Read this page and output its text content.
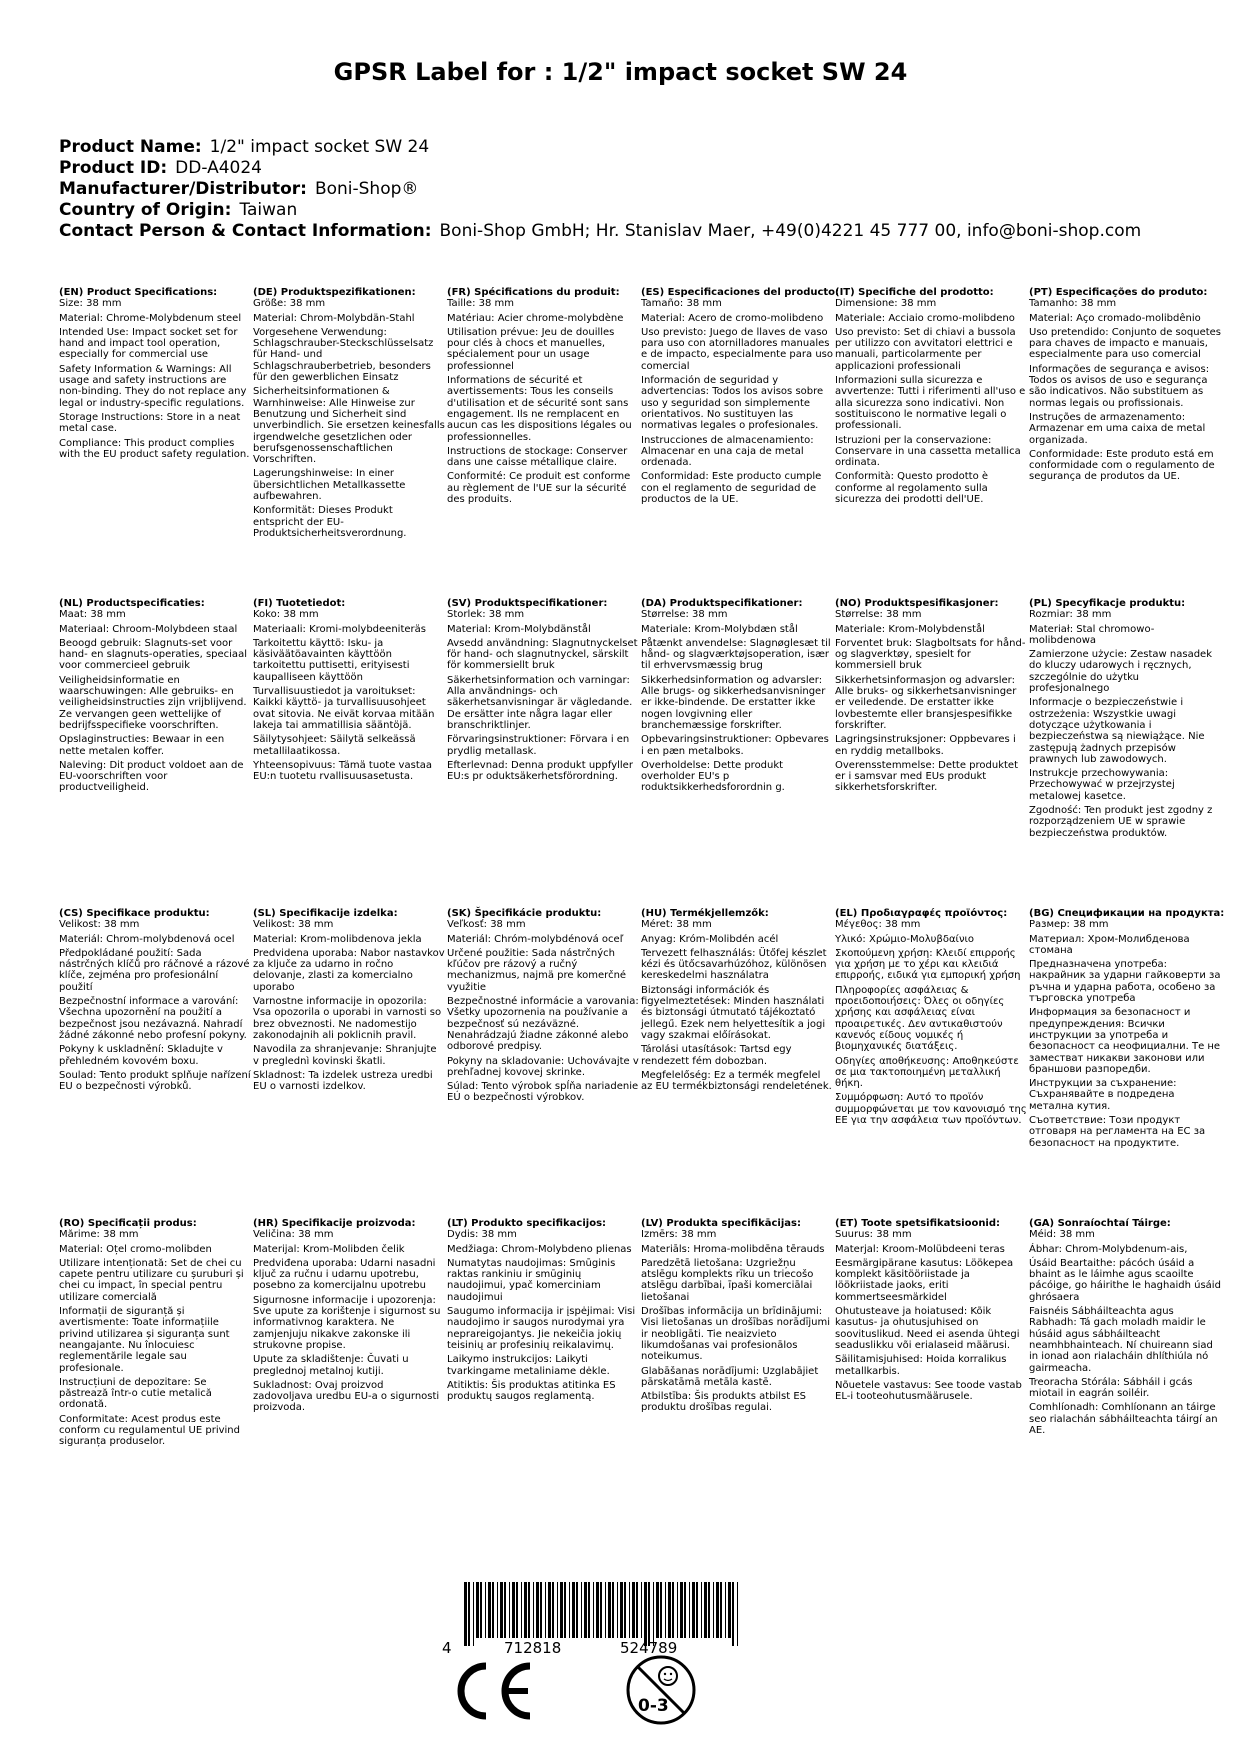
GPSR Label for : 1/2" impact socket SW 24
Product Name: 1/2" impact socket SW 24
Product ID: DD-A4024
Manufacturer/Distributor: Boni-Shop®
Country of Origin: Taiwan
Contact Person & Contact Information: Boni-Shop GmbH; Hr. Stanislav Maer, +49(0)4221 45 777 00, info@boni-shop.com
(EN) Product Specifications:
Size: 38 mm
Material: Chrome-Molybdenum steel
Intended Use: Impact socket set for hand and impact tool operation, especially for commercial use
Safety Information & Warnings: All usage and safety instructions are non-binding. They do not replace any legal or industry-specific regulations.
Storage Instructions: Store in a neat metal case.
Compliance: This product complies with the EU product safety regulation.
(DE) Produktspezifikationen:
Größe: 38 mm
Material: Chrom-Molybdän-Stahl
Vorgesehene Verwendung: Schlagschrauber-Steckschlüsselsatz für Hand- und Schlagschrauberbetrieb, besonders für den gewerblichen Einsatz
Sicherheitsinformationen & Warnhinweise: Alle Hinweise zur Benutzung und Sicherheit sind unverbindlich. Sie ersetzen keinesfalls irgendwelche gesetzlichen oder berufsgenossenschaftlichen Vorschriften.
Lagerungshinweise: In einer übersichtlichen Metallkassette aufbewahren.
Konformität: Dieses Produkt entspricht der EU-Produktsicherheitsverordnung.
(FR) Spécifications du produit:
Taille: 38 mm
Matériau: Acier chrome-molybdène
Utilisation prévue: Jeu de douilles pour clés à chocs et manuelles, spécialement pour un usage professionnel
Informations de sécurité et avertissements: Tous les conseils d'utilisation et de sécurité sont sans engagement. Ils ne remplacent en aucun cas les dispositions légales ou professionnelles.
Instructions de stockage: Conserver dans une caisse métallique claire.
Conformité: Ce produit est conforme au règlement de l'UE sur la sécurité des produits.
(ES) Especificaciones del producto:
Tamaño: 38 mm
Material: Acero de cromo-molibdeno
Uso previsto: Juego de llaves de vaso para uso con atornilladores manuales e de impacto, especialmente para uso comercial
Información de seguridad y advertencias: Todos los avisos sobre uso y seguridad son simplemente orientativos. No sustituyen las normativas legales o profesionales.
Instrucciones de almacenamiento: Almacenar en una caja de metal ordenada.
Conformidad: Este producto cumple con el reglamento de seguridad de productos de la UE.
(IT) Specifiche del prodotto:
Dimensione: 38 mm
Materiale: Acciaio cromo-molibdeno
Uso previsto: Set di chiavi a bussola per utilizzo con avvitatori elettrici e manuali, particolarmente per applicazioni professionali
Informazioni sulla sicurezza e avvertenze: Tutti i riferimenti all'uso e alla sicurezza sono indicativi. Non sostituiscono le normative legali o professionali.
Istruzioni per la conservazione: Conservare in una cassetta metallica ordinata.
Conformità: Questo prodotto è conforme al regolamento sulla sicurezza dei prodotti dell'UE.
(PT) Especificações do produto:
Tamanho: 38 mm
Material: Aço cromado-molibdênio
Uso pretendido: Conjunto de soquetes para chaves de impacto e manuais, especialmente para uso comercial
Informações de segurança e avisos: Todos os avisos de uso e segurança são indicativos. Não substituem as normas legais ou profissionais.
Instruções de armazenamento: Armazenar em uma caixa de metal organizada.
Conformidade: Este produto está em conformidade com o regulamento de segurança de produtos da UE.
(NL) Productspecificaties:
Maat: 38 mm
Materiaal: Chroom-Molybdeen staal
Beoogd gebruik: Slagnuts-set voor hand- en slagnuts-operaties, speciaal voor commercieel gebruik
Veiligheidsinformatie en waarschuwingen: Alle gebruiks- en veiligheidsinstructies zijn vrijblijvend. Ze vervangen geen wettelijke of bedrijfsspecifieke voorschriften.
Opslaginstructies: Bewaar in een nette metalen koffer.
Naleving: Dit product voldoet aan de EU-voorschriften voor productveiligheid.
(FI) Tuotetiedot:
Koko: 38 mm
Materiaali: Kromi-molybdeeniteräs
Tarkoitettu käyttö: Isku- ja käsiväätöavainten käyttöön tarkoitettu puttisetti, erityisesti kaupalliseen käyttöön
Turvallisuustiedot ja varoitukset: Kaikki käyttö- ja turvallisuusohjeet ovat sitovia. Ne eivät korvaa mitään lakeja tai ammatillisia sääntöjä.
Säilytysohjeet: Säilytä selkeässä metallilaatikossa.
Yhteensopivuus: Tämä tuote vastaa EU:n tuotetu rvallisuusasetusta.
(SV) Produktspecifikationer:
Storlek: 38 mm
Material: Krom-Molybdänstål
Avsedd användning: Slagnutnyckelset för hand- och slagnutnyckel, särskilt för kommersiellt bruk
Säkerhetsinformation och varningar: Alla användnings- och säkerhetsanvisningar är vägledande. De ersätter inte några lagar eller branschriktlinjer.
Förvaringsinstruktioner: Förvara i en prydlig metallask.
Efterlevnad: Denna produkt uppfyller EU:s pr oduktsäkerhetsförordning.
(DA) Produktspecifikationer:
Størrelse: 38 mm
Materiale: Krom-Molybdæn stål
Påtænkt anvendelse: Slagnøglesæt til hånd- og slagværktøjsoperation, især til erhvervsmæssig brug
Sikkerhedsinformation og advarsler: Alle brugs- og sikkerhedsanvisninger er ikke-bindende. De erstatter ikke nogen lovgivning eller branchemæssige forskrifter.
Opbevaringsinstruktioner: Opbevares i en pæn metalboks.
Overholdelse: Dette produkt overholder EU's p roduktsikkerhedsforordnin g.
(NO) Produktspesifikasjoner:
Størrelse: 38 mm
Materiale: Krom-Molybdenstål
Forventet bruk: Slagboltsats for hånd- og slagverktøy, spesielt for kommersiell bruk
Sikkerhetsinformasjon og advarsler: Alle bruks- og sikkerhetsanvisninger er veiledende. De erstatter ikke lovbestemte eller bransjespesifikke forskrifter.
Lagringsinstruksjoner: Oppbevares i en ryddig metallboks.
Overensstemmelse: Dette produktet er i samsvar med EUs produkt sikkerhetsforskrifter.
(PL) Specyfikacje produktu:
Rozmiar: 38 mm
Materiał: Stal chromowo-molibdenowa
Zamierzone użycie: Zestaw nasadek do kluczy udarowych i ręcznych, szczególnie do użytku profesjonalnego
Informacje o bezpieczeństwie i ostrzeżenia: Wszystkie uwagi dotyczące użytkowania i bezpieczeństwa są niewiążące. Nie zastępują żadnych przepisów prawnych lub zawodowych.
Instrukcje przechowywania: Przechowywać w przejrzystej metalowej kasetce.
Zgodność: Ten produkt jest zgodny z rozporządzeniem UE w sprawie bezpieczeństwa produktów.
(CS) Specifikace produktu:
Velikost: 38 mm
Materiál: Chrom-molybdenová ocel
Předpokládané použití: Sada nástrčných klíčů pro ráčnové a rázové klíče, zejména pro profesionální použití
Bezpečnostní informace a varování: Všechna upozornění na použití a bezpečnost jsou nezávazná. Nahradí žádné zákonné nebo profesní pokyny.
Pokyny k uskladnění: Skladujte v přehledném kovovém boxu.
Soulad: Tento produkt splňuje nařízení EU o bezpečnosti výrobků.
(SL) Specifikacije izdelka:
Velikost: 38 mm
Material: Krom-molibdenova jekla
Predvidena uporaba: Nabor nastavkov za ključe za udarno in ročno delovanje, zlasti za komercialno uporabo
Varnostne informacije in opozorila: Vsa opozorila o uporabi in varnosti so brez obveznosti. Ne nadomestijo zakonodajnih ali poklicnih pravil.
Navodila za shranjevanje: Shranjujte v preglednì kovinski škatli.
Skladnost: Ta izdelek ustreza uredbi EU o varnosti izdelkov.
(SK) Špecifikácie produktu:
Veľkosť: 38 mm
Materiál: Chróm-molybdénová oceľ
Určené použitie: Sada nástrčných kľúčov pre rázový a ručný mechanizmus, najmä pre komerčné využitie
Bezpečnostné informácie a varovania: Všetky upozornenia na používanie a bezpečnosť sú nezáväzné. Nenahrádzajú žiadne zákonné alebo odborové predpisy.
Pokyny na skladovanie: Uchovávajte v prehľadnej kovovej skrinke.
Súlad: Tento výrobok spĺňa nariadenie EÚ o bezpečnosti výrobkov.
(HU) Termékjellemzők:
Méret: 38 mm
Anyag: Króm-Molibdén acél
Tervezett felhasználás: Ütőfej készlet kézi és ütőcsavarhúzóhoz, különösen kereskedelmi használatra
Biztonsági információk és figyelmeztetések: Minden használati és biztonsági útmutató tájékoztató jellegű. Ezek nem helyettesítik a jogi vagy szakmai előírásokat.
Tárolási utasítások: Tartsd egy rendezett fém dobozban.
Megfelelőség: Ez a termék megfelel az EU termékbiztonsági rendeletének.
(EL) Προδιαγραφές προϊόντος:
Μέγεθος: 38 mm
Υλικό: Χρώμιο-Μολυβδαίνιο
Σκοπούμενη χρήση: Κλειδί επιρροής για χρήση με το χέρι και κλειδιά επιρροής, ειδικά για εμπορική χρήση
Πληροφορίες ασφάλειας & προειδοποιήσεις: Όλες οι οδηγίες χρήσης και ασφάλειας είναι προαιρετικές. Δεν αντικαθιστούν κανενός είδους νομικές ή βιομηχανικές διατάξεις.
Οδηγίες αποθήκευσης: Αποθηκεύστε σε μια τακτοποιημένη μεταλλική θήκη.
Συμμόρφωση: Αυτό το προϊόν συμμορφώνεται με τον κανονισμό της ΕΕ για την ασφάλεια των προϊόντων.
(BG) Спецификации на продукта:
Размер: 38 mm
Материал: Хром-Молибденова стомана
Предназначена употреба: накрайник за ударни гайковерти за ръчна и ударна работа, особено за търговска употреба
Информация за безопасност и предупреждения: Всички инструкции за употреба и безопасност са неофициални. Те не заместват никакви законови или браншови разпоредби.
Инструкции за съхранение: Съхранявайте в подредена метална кутия.
Съответствие: Този продукт отговаря на регламента на ЕС за безопасност на продуктите.
(RO) Specificații produs:
Mărime: 38 mm
Material: Oțel cromo-molibden
Utilizare intenționată: Set de chei cu capete pentru utilizare cu șuruburi și chei cu impact, în special pentru utilizare comercială
Informații de siguranță și avertismente: Toate informațiile privind utilizarea și siguranța sunt neangajante. Nu înlocuiesc reglementările legale sau profesionale.
Instrucțiuni de depozitare: Se păstrează într-o cutie metalică ordonată.
Conformitate: Acest produs este conform cu regulamentul UE privind siguranța produselor.
(HR) Specifikacije proizvoda:
Veličina: 38 mm
Materijal: Krom-Molibden čelik
Predviđena uporaba: Udarni nasadni ključ za ručnu i udarnu upotrebu, posebno za komercijalnu upotrebu
Sigurnosne informacije i upozorenja: Sve upute za korištenje i sigurnost su informativnog karaktera. Ne zamjenjuju nikakve zakonske ili strukovne propise.
Upute za skladištenje: Čuvati u preglednoj metalnoj kutiji.
Sukladnost: Ovaj proizvod zadovoljava uredbu EU-a o sigurnosti proizvoda.
(LT) Produkto specifikacijos:
Dydis: 38 mm
Medžiaga: Chrom-Molybdeno plienas
Numatytas naudojimas: Smūginis raktas rankiniu ir smūginių naudojimui, ypač komerciniam naudojimui
Saugumo informacija ir įspėjimai: Visi naudojimo ir saugos nurodymai yra neprareigojantys. Jie nekeičia jokių teisinių ar profesinių reikalavimų.
Laikymo instrukcijos: Laikyti tvarkingame metaliniame dėkle.
Atitiktis: Šis produktas atitinka ES produktų saugos reglamentą.
(LV) Produkta specifikācijas:
Izmērs: 38 mm
Materiāls: Hroma-molibdēna tērauds
Paredzētā lietošana: Uzgriežņu atslēgu komplekts rīku un triecošo atslēgu darbībai, īpaši komerciālai lietošanai
Drošības informācija un brīdinājumi: Visi lietošanas un drošības norādījumi ir neobligāti. Tie neaizvieto likumdošanas vai profesionālos noteikumus.
Glabāšanas norādījumi: Uzglabājiet pārskatāmā metāla kastē.
Atbilstība: Šis produkts atbilst ES produktu drošības regulai.
(ET) Toote spetsifikatsioonid:
Suurus: 38 mm
Materjal: Kroom-Molübdeeni teras
Eesmärgipärane kasutus: Löökepea komplekt käsitööriistade ja löökriistade jaoks, eriti kommertseesmärkidel
Ohutusteave ja hoiatused: Kõik kasutus- ja ohutusjuhised on soovituslikud. Need ei asenda ühtegi seaduslikku või erialaseid määrusi.
Säilitamisjuhised: Hoida korralikus metallkarbis.
Nõuetele vastavus: See toode vastab EL-i tooteohutusmäärusele.
(GA) Sonraíochtaí Táirge:
Méid: 38 mm
Ábhar: Chrom-Molybdenum-ais,
Úsáid Beartaithe: pácóch úsáid a bhaint as le láimhe agus scaoilte pácóige, go háirithe le haghaidh úsáid ghrósaera
Faisnéis Sábháilteachta agus Rabhadh: Tá gach moladh maidir le húsáid agus sábháilteacht neamhbhainteach. Ní chuireann siad in ionad aon rialacháin dhlíthiúla nó gairmeacha.
Treoracha Stórála: Sábháil i gcás miotail in eagrán soiléir.
Comhlíonadh: Comhlíonann an táirge seo rialachán sábháilteachta táirgí an AE.
4	712818	524789
0-3
